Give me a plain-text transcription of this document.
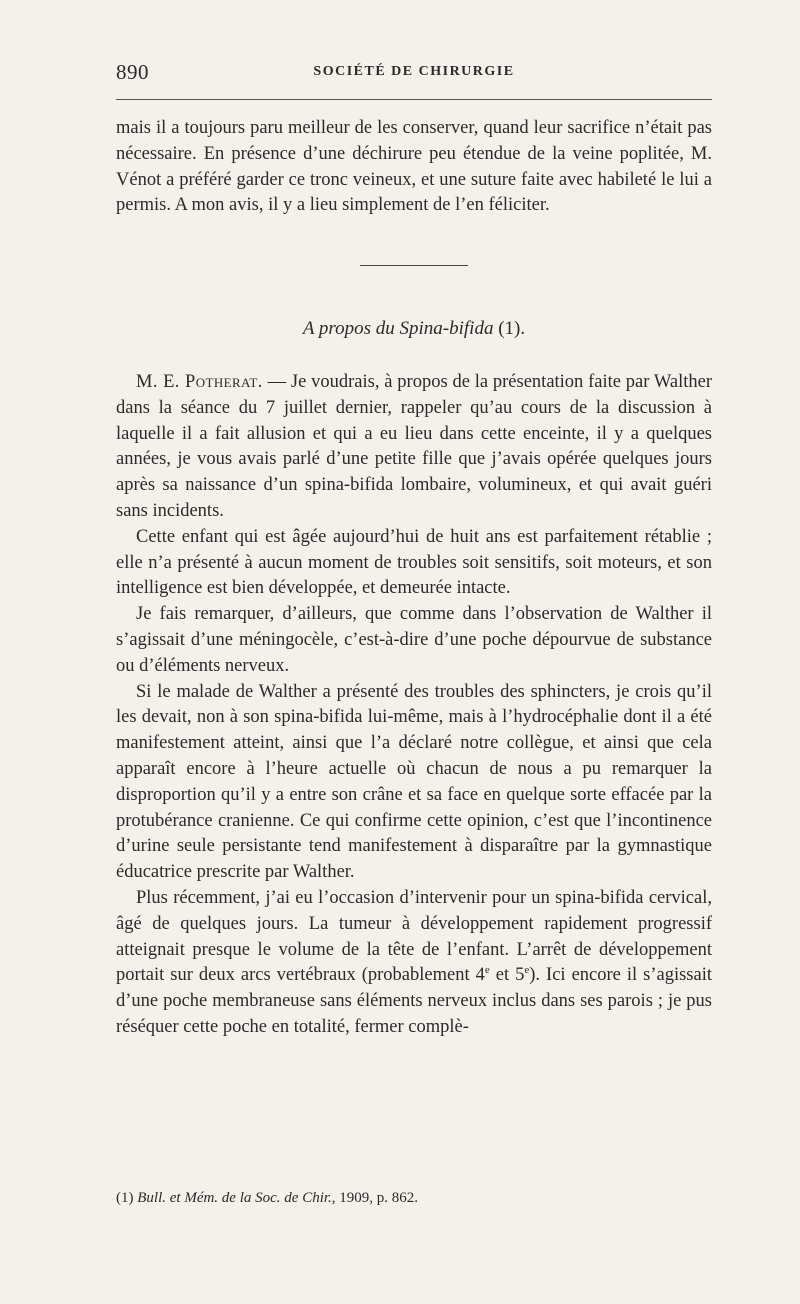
890	SOCIÉTÉ DE CHIRURGIE

mais il a toujours paru meilleur de les conserver, quand leur sacrifice n’était pas nécessaire. En présence d’une déchirure peu étendue de la veine poplitée, M. Vénot a préféré garder ce tronc veineux, et une suture faite avec habileté le lui a permis. A mon avis, il y a lieu simplement de l’en féliciter.

A propos du Spina-bifida (1).

M. E. Potherat. — Je voudrais, à propos de la présentation faite par Walther dans la séance du 7 juillet dernier, rappeler qu’au cours de la discussion à laquelle il a fait allusion et qui a eu lieu dans cette enceinte, il y a quelques années, je vous avais parlé d’une petite fille que j’avais opérée quelques jours après sa naissance d’un spina-bifida lombaire, volumineux, et qui avait guéri sans incidents.

Cette enfant qui est âgée aujourd’hui de huit ans est parfaitement rétablie ; elle n’a présenté à aucun moment de troubles soit sensitifs, soit moteurs, et son intelligence est bien développée, et demeurée intacte.

Je fais remarquer, d’ailleurs, que comme dans l’observation de Walther il s’agissait d’une méningocèle, c’est-à-dire d’une poche dépourvue de substance ou d’éléments nerveux.

Si le malade de Walther a présenté des troubles des sphincters, je crois qu’il les devait, non à son spina-bifida lui-même, mais à l’hydrocéphalie dont il a été manifestement atteint, ainsi que l’a déclaré notre collègue, et ainsi que cela apparaît encore à l’heure actuelle où chacun de nous a pu remarquer la disproportion qu’il y a entre son crâne et sa face en quelque sorte effacée par la protubérance cranienne. Ce qui confirme cette opinion, c’est que l’incontinence d’urine seule persistante tend manifestement à disparaître par la gymnastique éducatrice prescrite par Walther.

Plus récemment, j’ai eu l’occasion d’intervenir pour un spina-bifida cervical, âgé de quelques jours. La tumeur à développement rapidement progressif atteignait presque le volume de la tête de l’enfant. L’arrêt de développement portait sur deux arcs vertébraux (probablement 4e et 5e). Ici encore il s’agissait d’une poche membraneuse sans éléments nerveux inclus dans ses parois ; je pus réséquer cette poche en totalité, fermer complè-

(1) Bull. et Mém. de la Soc. de Chir., 1909, p. 862.
